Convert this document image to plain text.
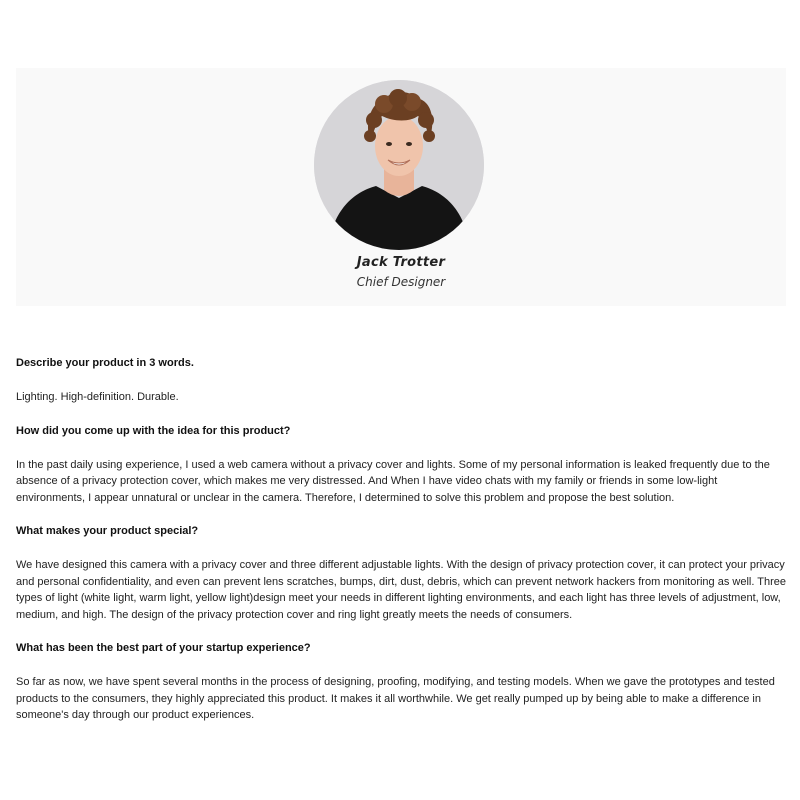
Jack Trotter
Chief Designer

Describe your product in 3 words.

Lighting. High-definition. Durable.

How did you come up with the idea for this product?

In the past daily using experience, I used a web camera without a privacy cover and lights. Some of my personal information is leaked frequently due to the absence of a privacy protection cover, which makes me very distressed. And When I have video chats with my family or friends in some low-light environments, I appear unnatural or unclear in the camera. Therefore, I determined to solve this problem and propose the best solution.

What makes your product special?

We have designed this camera with a privacy cover and three different adjustable lights. With the design of privacy protection cover, it can protect your privacy and personal confidentiality, and even can prevent lens scratches, bumps, dirt, dust, debris, which can prevent network hackers from monitoring as well. Three types of light (white light, warm light, yellow light)design meet your needs in different lighting environments, and each light has three levels of adjustment, low, medium, and high. The design of the privacy protection cover and ring light greatly meets the needs of consumers.

What has been the best part of your startup experience?

So far as now, we have spent several months in the process of designing, proofing, modifying, and testing models. When we gave the prototypes and tested products to the consumers, they highly appreciated this product. It makes it all worthwhile. We get really pumped up by being able to make a difference in someone's day through our product experiences.
